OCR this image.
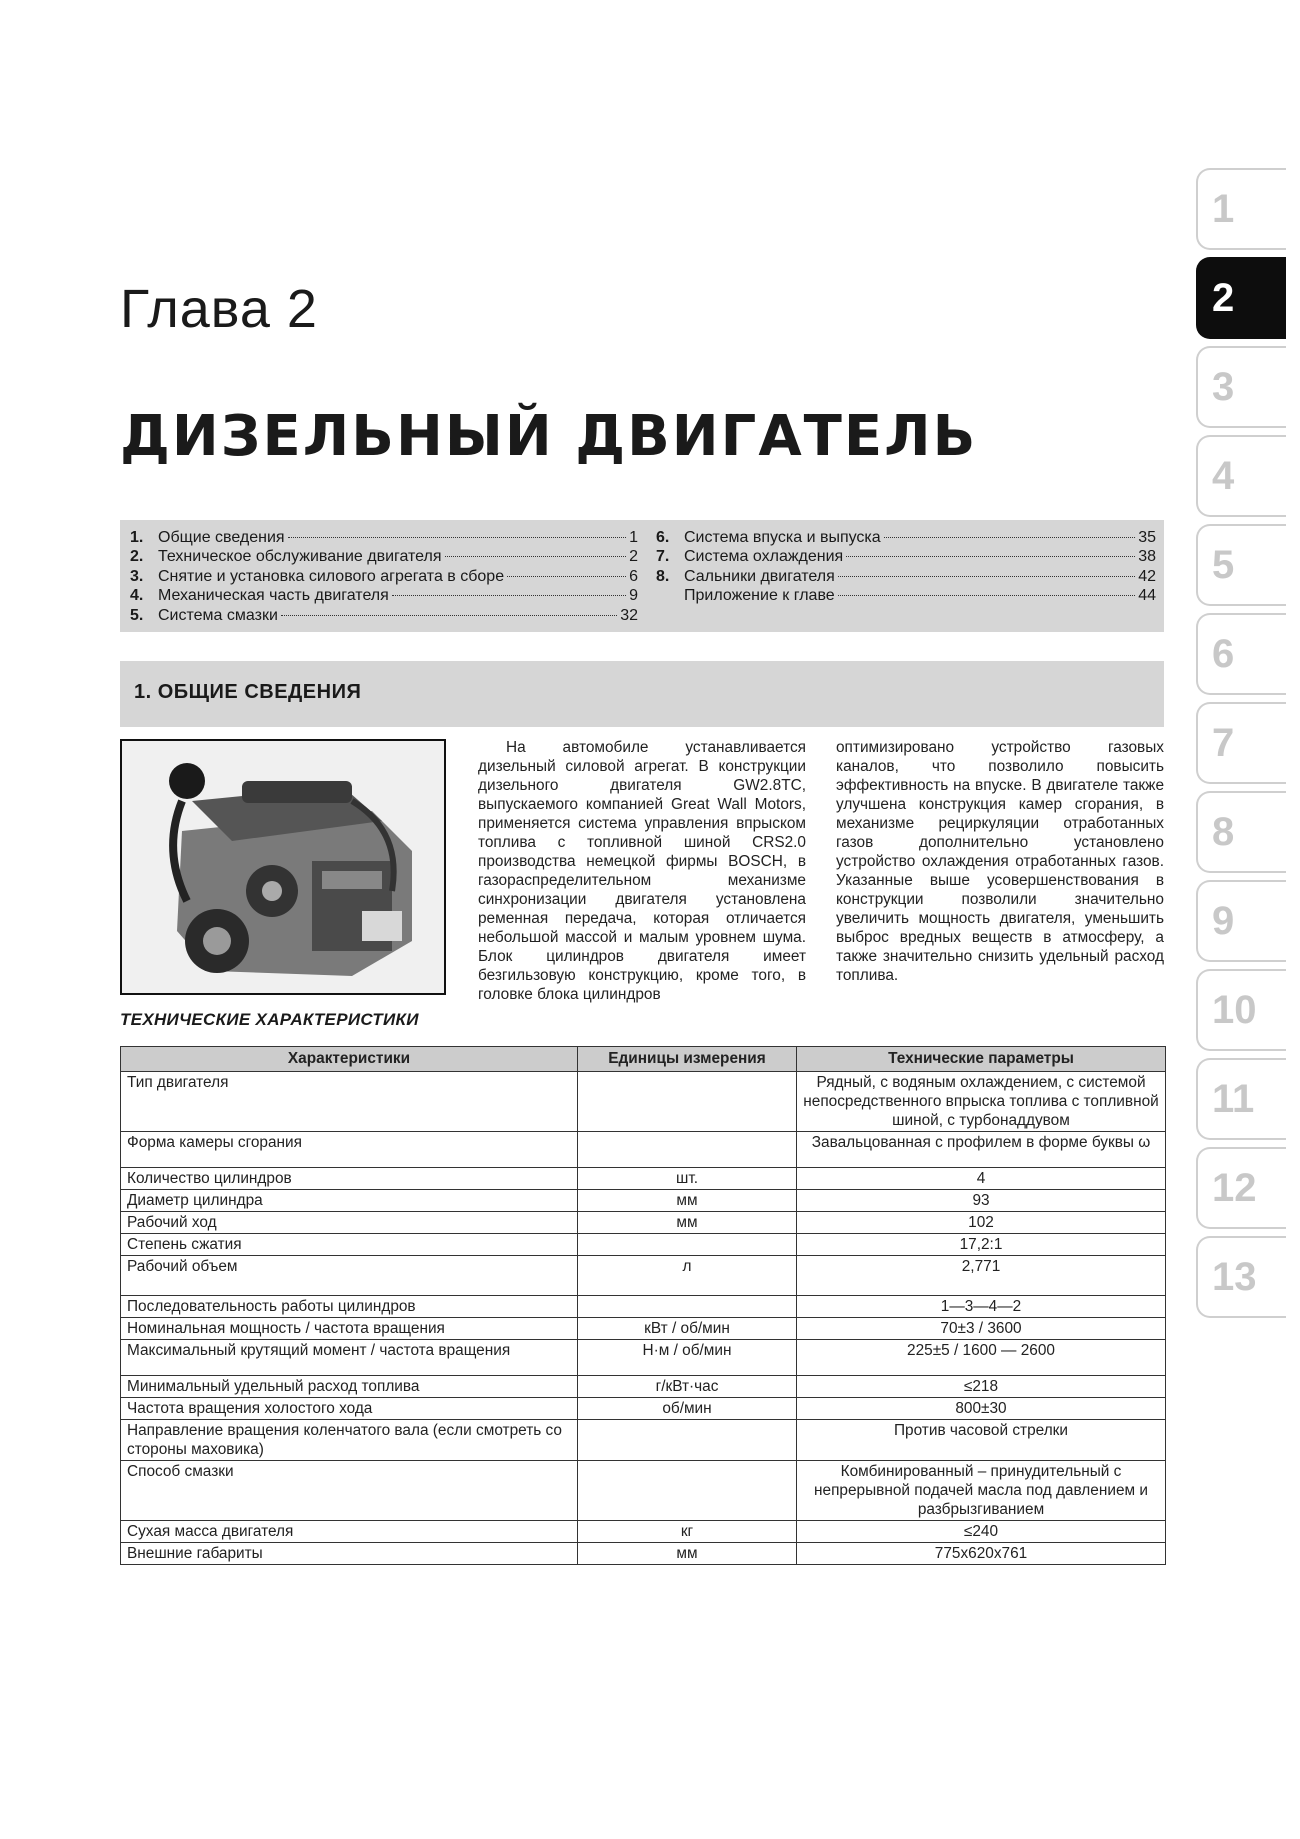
Глава 2
ДИЗЕЛЬНЫЙ ДВИГАТЕЛЬ
1
2
3
4
5
6
7
8
9
10
11
12
13
1. Общие сведения	1
2. Техническое обслуживание двигателя	2
3. Снятие и установка силового агрегата в сборе	6
4. Механическая часть двигателя	9
5. Система смазки	32
6. Система впуска и выпуска	35
7. Система охлаждения	38
8. Сальники двигателя	42
Приложение к главе	44
1. ОБЩИЕ СВЕДЕНИЯ
На автомобиле устанавливается дизельный силовой агрегат. В конструкции дизельного двигателя GW2.8TC, выпускаемого компанией Great Wall Motors, применяется система управления впрыском топлива с топливной шиной CRS2.0 производства немецкой фирмы BOSCH, в газораспределительном механизме синхронизации двигателя установлена ременная передача, которая отличается небольшой массой и малым уровнем шума. Блок цилиндров двигателя имеет безгильзовую конструкцию, кроме того, в головке блока цилиндров
оптимизировано устройство газовых каналов, что позволило повысить эффективность на впуске. В двигателе также улучшена конструкция камер сгорания, в механизме рециркуляции отработанных газов дополнительно установлено устройство охлаждения отработанных газов. Указанные выше усовершенствования в конструкции позволили значительно увеличить мощность двигателя, уменьшить выброс вредных веществ в атмосферу, а также значительно снизить удельный расход топлива.
ТЕХНИЧЕСКИЕ ХАРАКТЕРИСТИКИ
Характеристики	Единицы измерения	Технические параметры
Тип двигателя		Рядный, с водяным охлаждением, с системой непосредственного впрыска топлива с топливной шиной, с турбонаддувом
Форма камеры сгорания		Завальцованная с профилем в форме буквы ω
Количество цилиндров	шт.	4
Диаметр цилиндра	мм	93
Рабочий ход	мм	102
Степень сжатия		17,2:1
Рабочий объем	л	2,771
Последовательность работы цилиндров		1—3—4—2
Номинальная мощность / частота вращения	кВт / об/мин	70±3 / 3600
Максимальный крутящий момент / частота вращения	Н·м / об/мин	225±5 / 1600 — 2600
Минимальный удельный расход топлива	г/кВт·час	≤218
Частота вращения холостого хода	об/мин	800±30
Направление вращения коленчатого вала (если смотреть со стороны маховика)		Против часовой стрелки
Способ смазки		Комбинированный – принудительный с непрерывной подачей масла под давлением и разбрызгиванием
Сухая масса двигателя	кг	≤240
Внешние габариты	мм	775х620х761
